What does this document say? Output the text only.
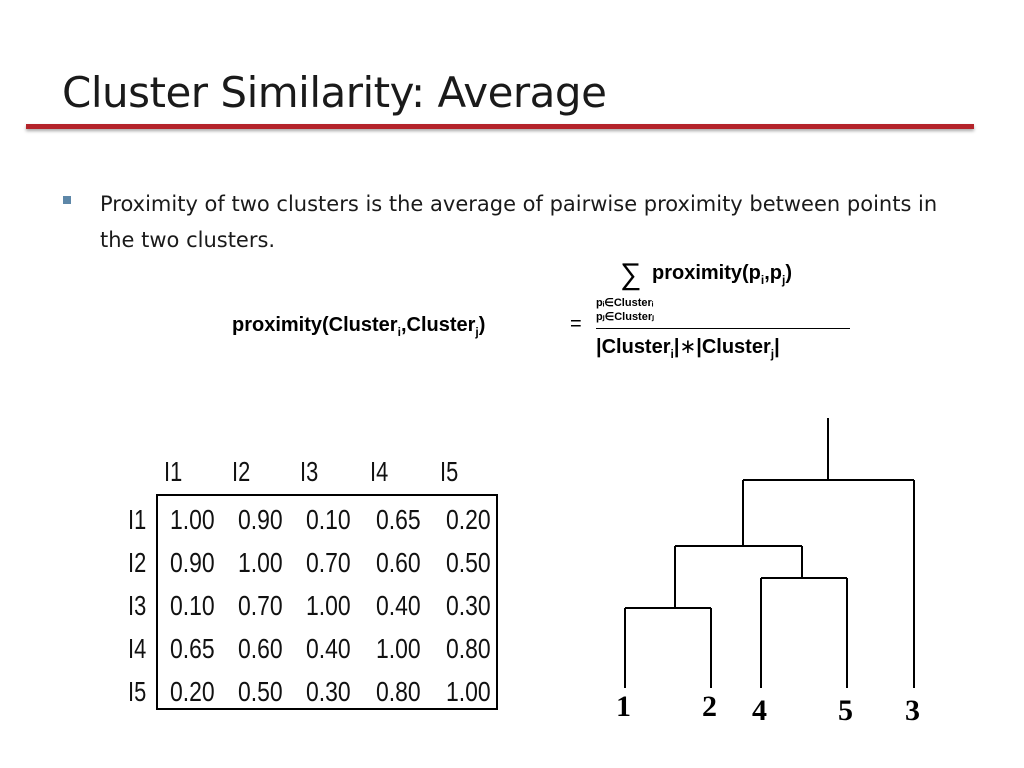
Cluster Similarity: Average
Proximity of two clusters is the average of pairwise proximity between points in the two clusters.
proximity(Cluster$_i$,Cluster$_j$)	=
∑ $proximity(p_i,p_j)$
pᵢ∈Clusterᵢ
pⱼ∈Clusterⱼ
|Cluster$_i$|∗|Cluster$_j$|
I1 I2 I3 I4 I5
I1
I2
I3
I4
I5
1.00 0.90 0.10 0.65 0.20
0.90 1.00 0.70 0.60 0.50
0.10 0.70 1.00 0.40 0.30
0.65 0.60 0.40 1.00 0.80
0.20 0.50 0.30 0.80 1.00	1 2 4 5 3
